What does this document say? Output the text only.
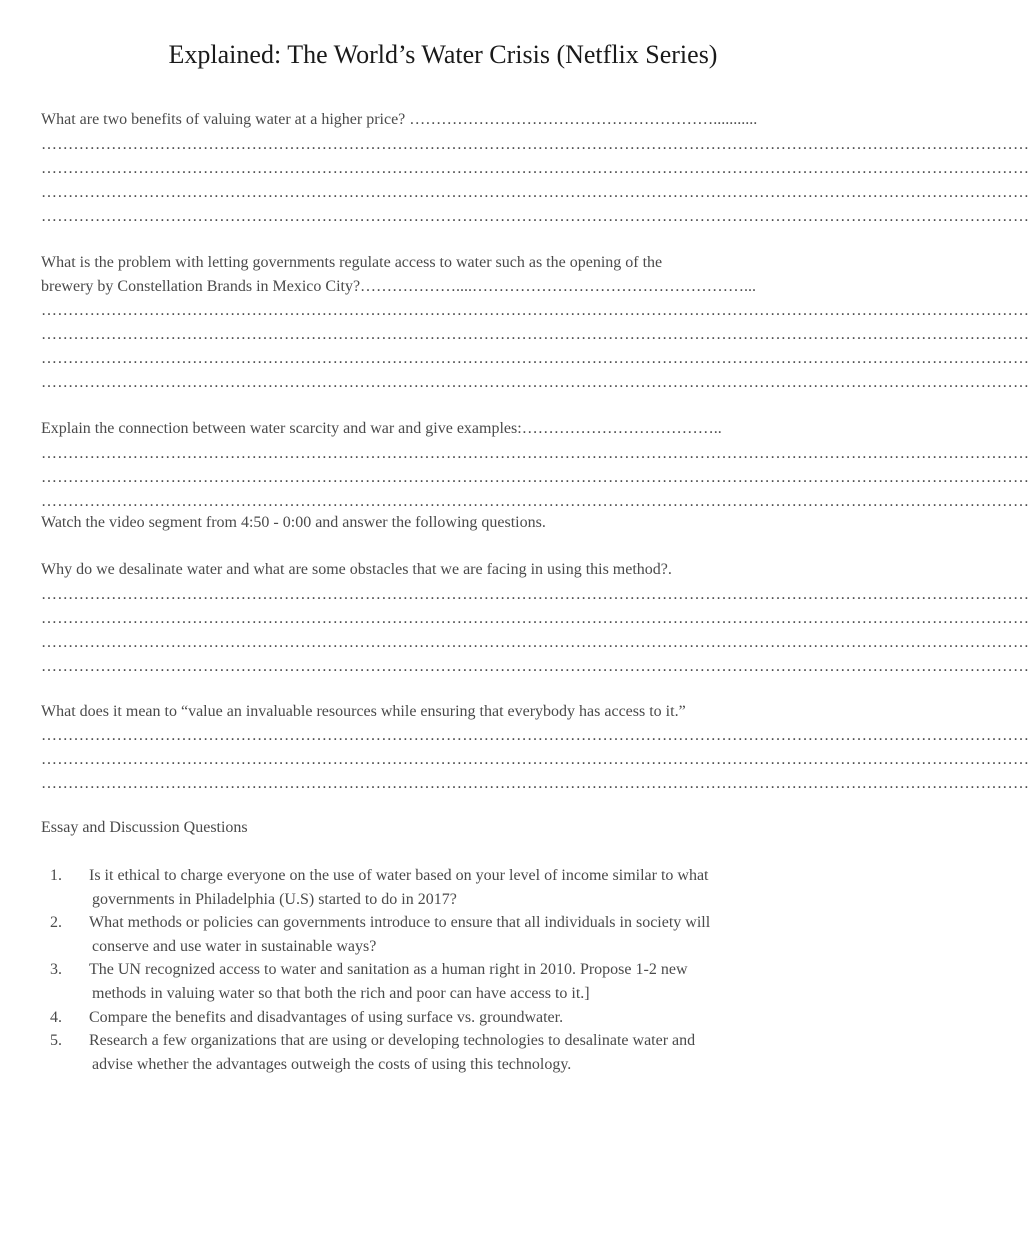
Explained: The World’s Water Crisis (Netflix Series)
What are two benefits of valuing water at a higher price? …………………………………………………...........
…………………………………………………………………………………………………………………………………………………………………
…………………………………………………………………………………………………………………………………………………………………
…………………………………………………………………………………………………………………………………………………………………
…………………………………………………………………………………………………………………………………………………………………
What is the problem with letting governments regulate access to water such as the opening of the
brewery by Constellation Brands in Mexico City?………………....……………………………………………...
…………………………………………………………………………………………………………………………………………………………………
…………………………………………………………………………………………………………………………………………………………………
…………………………………………………………………………………………………………………………………………………………………
…………………………………………………………………………………………………………………………………………………………………
Explain the connection between water scarcity and war and give examples:………………………………..
…………………………………………………………………………………………………………………………………………………………………
…………………………………………………………………………………………………………………………………………………………………
…………………………………………………………………………………………………………………………………………………………………
Watch the video segment from 4:50 - 0:00 and answer the following questions.
Why do we desalinate water and what are some obstacles that we are facing in using this method?.
…………………………………………………………………………………………………………………………………………………………………
…………………………………………………………………………………………………………………………………………………………………
…………………………………………………………………………………………………………………………………………………………………
…………………………………………………………………………………………………………………………………………………………………
What does it mean to “value an invaluable resources while ensuring that everybody has access to it.”
…………………………………………………………………………………………………………………………………………………………………
…………………………………………………………………………………………………………………………………………………………………
…………………………………………………………………………………………………………………………………………………………………
Essay and Discussion Questions
1. Is it ethical to charge everyone on the use of water based on your level of income similar to what
governments in Philadelphia (U.S) started to do in 2017?
2. What methods or policies can governments introduce to ensure that all individuals in society will
conserve and use water in sustainable ways?
3. The UN recognized access to water and sanitation as a human right in 2010. Propose 1-2 new
methods in valuing water so that both the rich and poor can have access to it.]
4. Compare the benefits and disadvantages of using surface vs. groundwater.
5. Research a few organizations that are using or developing technologies to desalinate water and
advise whether the advantages outweigh the costs of using this technology.
